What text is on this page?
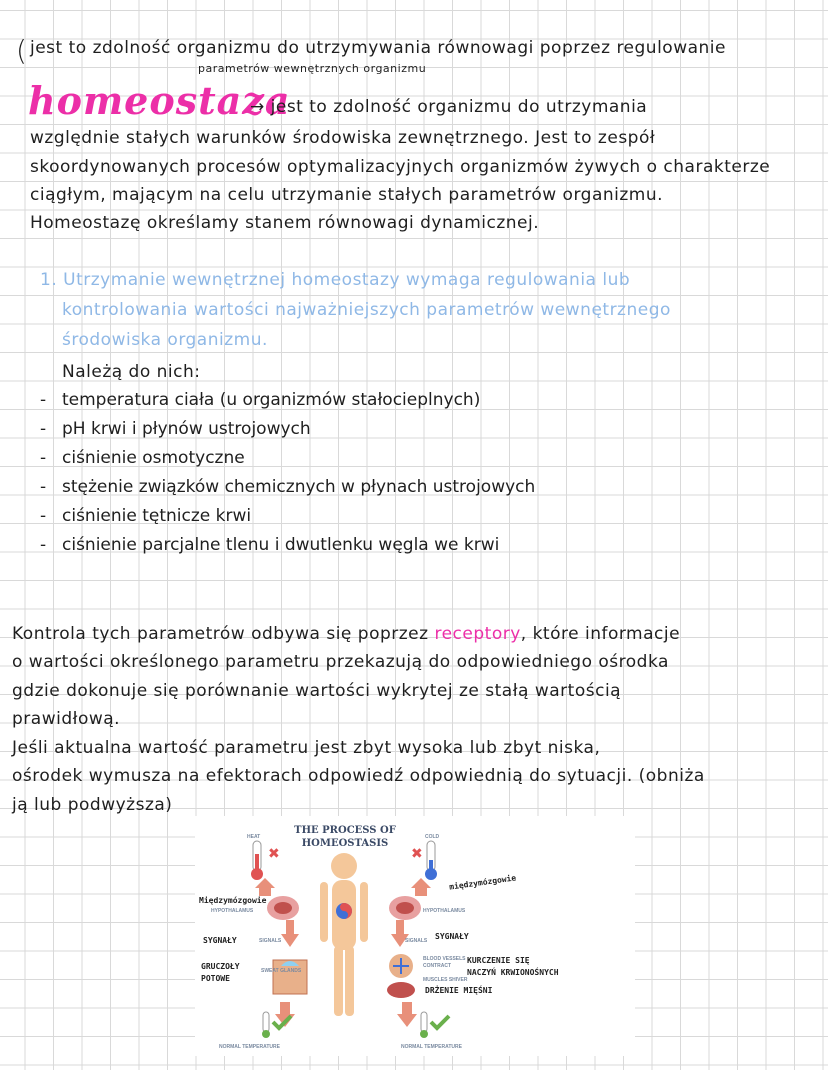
( jest to zdolność organizmu do utrzymywania równowagi poprzez regulowanie
parametrów wewnętrznych organizmu
homeostaza
→ jest to zdolność organizmu do utrzymania
względnie stałych warunków środowiska zewnętrznego. Jest to zespół
skoordynowanych procesów optymalizacyjnych organizmów żywych o charakterze
ciągłym, mającym na celu utrzymanie stałych parametrów organizmu.
Homeostazę określamy stanem równowagi dynamicznej.
1. Utrzymanie wewnętrznej homeostazy wymaga regulowania lub
kontrolowania wartości najważniejszych parametrów wewnętrznego
środowiska organizmu.
Należą do nich:
- temperatura ciała (u organizmów stałocieplnych)
- pH krwi i płynów ustrojowych
- ciśnienie osmotyczne
- stężenie związków chemicznych w płynach ustrojowych
- ciśnienie tętnicze krwi
- ciśnienie parcjalne tlenu i dwutlenku węgla we krwi
Kontrola tych parametrów odbywa się poprzez receptory, które informacje
o wartości określonego parametru przekazują do odpowiedniego ośrodka
gdzie dokonuje się porównanie wartości wykrytej ze stałą wartością
prawidłową.
Jeśli aktualna wartość parametru jest zbyt wysoka lub zbyt niska,
ośrodek wymusza na efektorach odpowiedź odpowiednią do sytuacji. (obniża
ją lub podwyższa)
✖	✖
THE PROCESS OF HOMEOSTASIS
HEAT	COLD
Międzymózgowie
HYPOTHALAMUS
międzymózgowie
HYPOTHALAMUS
SYGNAŁY	SIGNALS	SIGNALS SYGNAŁY
GRUCZOŁY
POTOWE
SWEAT GLANDS
BLOOD VESSELS
CONTRACT
MUSCLES SHIVER
KURCZENIE SIĘ
NACZYŃ KRWIONOŚNYCH
DRŻENIE MIĘŚNI
NORMAL TEMPERATURE	NORMAL TEMPERATURE
